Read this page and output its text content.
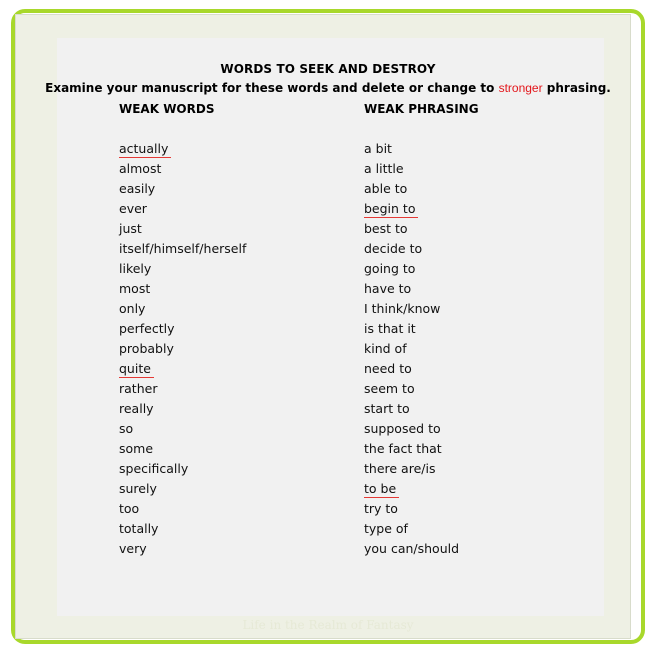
WORDS TO SEEK AND DESTROY
Examine your manuscript for these words and delete or change to stronger phrasing.
WEAK WORDS	WEAK PHRASING
actually
almost
easily
ever
just
itself/himself/herself
likely
most
only
perfectly
probably
quite
rather
really
so
some
specifically
surely
too
totally
very
a bit
a little
able to
begin to
best to
decide to
going to
have to
I think/know
is that it
kind of
need to
seem to
start to
supposed to
the fact that
there are/is
to be
try to
type of
you can/should
Life in the Realm of Fantasy
